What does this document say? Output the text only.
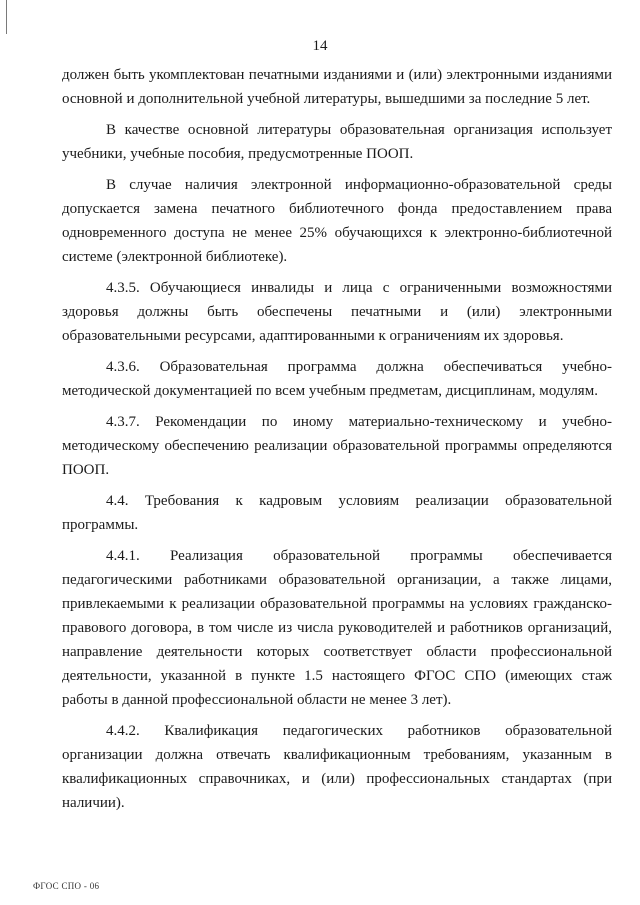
14

должен быть укомплектован печатными изданиями и (или) электронными изданиями основной и дополнительной учебной литературы, вышедшими за последние 5 лет.

В качестве основной литературы образовательная организация использует учебники, учебные пособия, предусмотренные ПООП.

В случае наличия электронной информационно-образовательной среды допускается замена печатного библиотечного фонда предоставлением права одновременного доступа не менее 25% обучающихся к электронно-библиотечной системе (электронной библиотеке).

4.3.5. Обучающиеся инвалиды и лица с ограниченными возможностями здоровья должны быть обеспечены печатными и (или) электронными образовательными ресурсами, адаптированными к ограничениям их здоровья.

4.3.6. Образовательная программа должна обеспечиваться учебно-методической документацией по всем учебным предметам, дисциплинам, модулям.

4.3.7. Рекомендации по иному материально-техническому и учебно-методическому обеспечению реализации образовательной программы определяются ПООП.

4.4. Требования к кадровым условиям реализации образовательной программы.

4.4.1. Реализация образовательной программы обеспечивается педагогическими работниками образовательной организации, а также лицами, привлекаемыми к реализации образовательной программы на условиях гражданско-правового договора, в том числе из числа руководителей и работников организаций, направление деятельности которых соответствует области профессиональной деятельности, указанной в пункте 1.5 настоящего ФГОС СПО (имеющих стаж работы в данной профессиональной области не менее 3 лет).

4.4.2. Квалификация педагогических работников образовательной организации должна отвечать квалификационным требованиям, указанным в квалификационных справочниках, и (или) профессиональных стандартах (при наличии).

ФГОС СПО - 06
